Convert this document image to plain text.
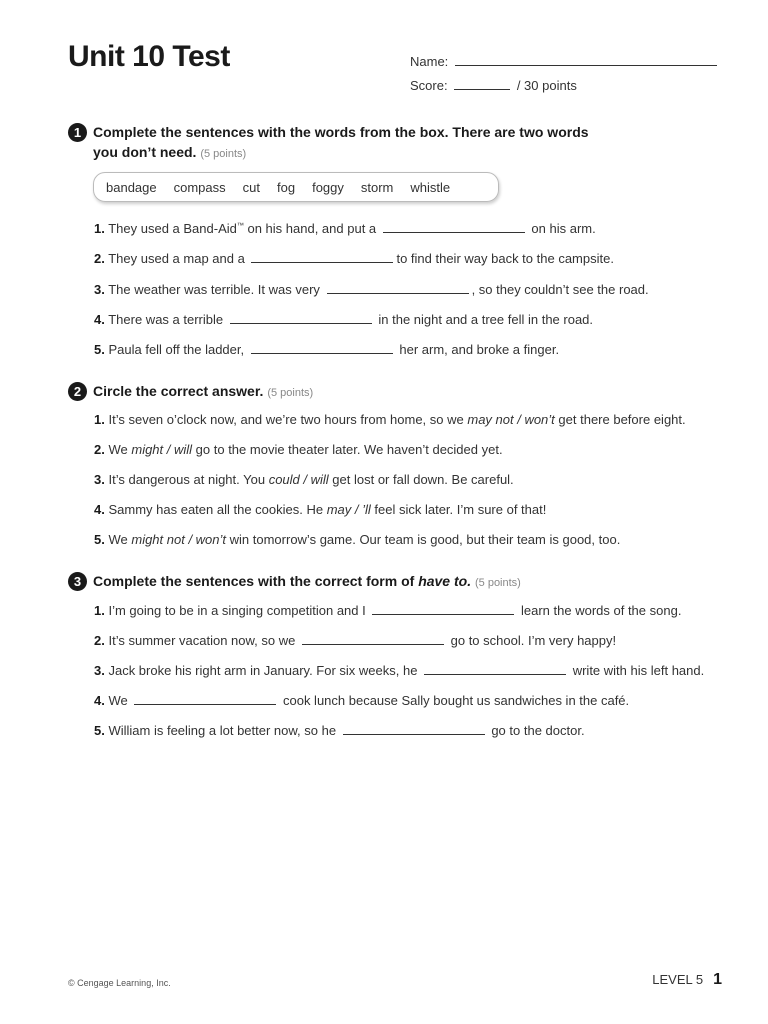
Unit 10 Test	Name:
Score:	/ 30 points
1 Complete the sentences with the words from the box. There are two words
you don’t need. (5 points)
bandage compass cut fog foggy storm whistle
1. They used a Band-Aid™ on his hand, and put a	on his arm.
2. They used a map and a	to find their way back to the campsite.
3. The weather was terrible. It was very	, so they couldn’t see the road.
4. There was a terrible	in the night and a tree fell in the road.
5. Paula fell off the ladder,	her arm, and broke a finger.
2 Circle the correct answer. (5 points)
1. It’s seven o’clock now, and we’re two hours from home, so we may not / won’t get there before eight.
2. We might / will go to the movie theater later. We haven’t decided yet.
3. It’s dangerous at night. You could / will get lost or fall down. Be careful.
4. Sammy has eaten all the cookies. He may / ’ll feel sick later. I’m sure of that!
5. We might not / won’t win tomorrow’s game. Our team is good, but their team is good, too.
3 Complete the sentences with the correct form of have to. (5 points)
1. I’m going to be in a singing competition and I	learn the words of the song.
2. It’s summer vacation now, so we	go to school. I’m very happy!
3. Jack broke his right arm in January. For six weeks, he	write with his left hand.
4. We	cook lunch because Sally bought us sandwiches in the café.
5. William is feeling a lot better now, so he	go to the doctor.
© Cengage Learning, Inc.	LEVEL 5 1
